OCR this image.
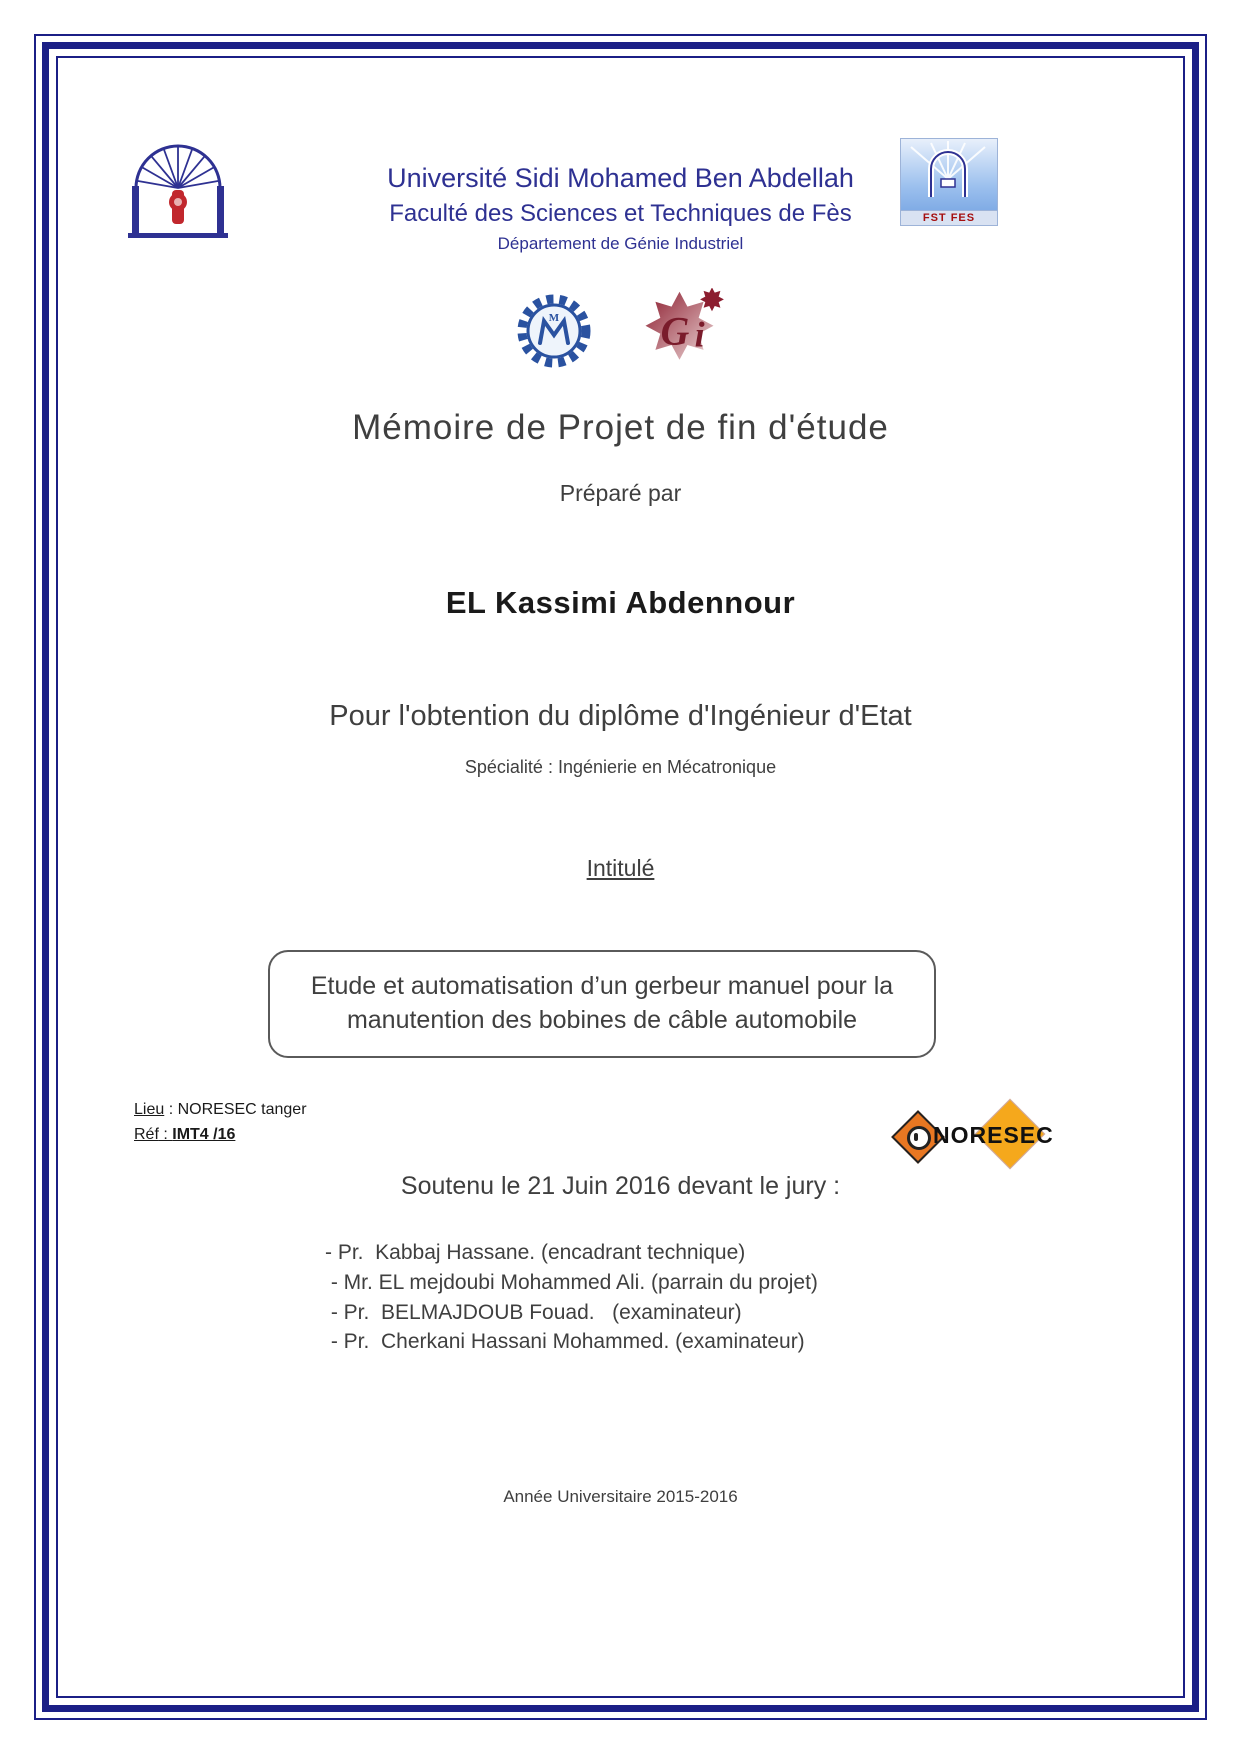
FST FES
Université Sidi Mohamed Ben Abdellah
Faculté des Sciences et Techniques de Fès
Département de Génie Industriel
M G i
Mémoire de Projet de fin d'étude
Préparé par
EL Kassimi Abdennour
Pour l'obtention du diplôme d'Ingénieur d'Etat
Spécialité : Ingénierie en Mécatronique
Intitulé
Etude et automatisation d’un gerbeur manuel pour la manutention des bobines de câble automobile
Lieu : NORESEC tanger
Réf : IMT4 /16	NORESEC
Soutenu le 21 Juin 2016 devant le jury :
- Pr.  Kabbaj Hassane. (encadrant technique)
- Mr. EL mejdoubi Mohammed Ali. (parrain du projet)
- Pr.  BELMAJDOUB Fouad.   (examinateur)
- Pr.  Cherkani Hassani Mohammed. (examinateur)
Année Universitaire 2015-2016
